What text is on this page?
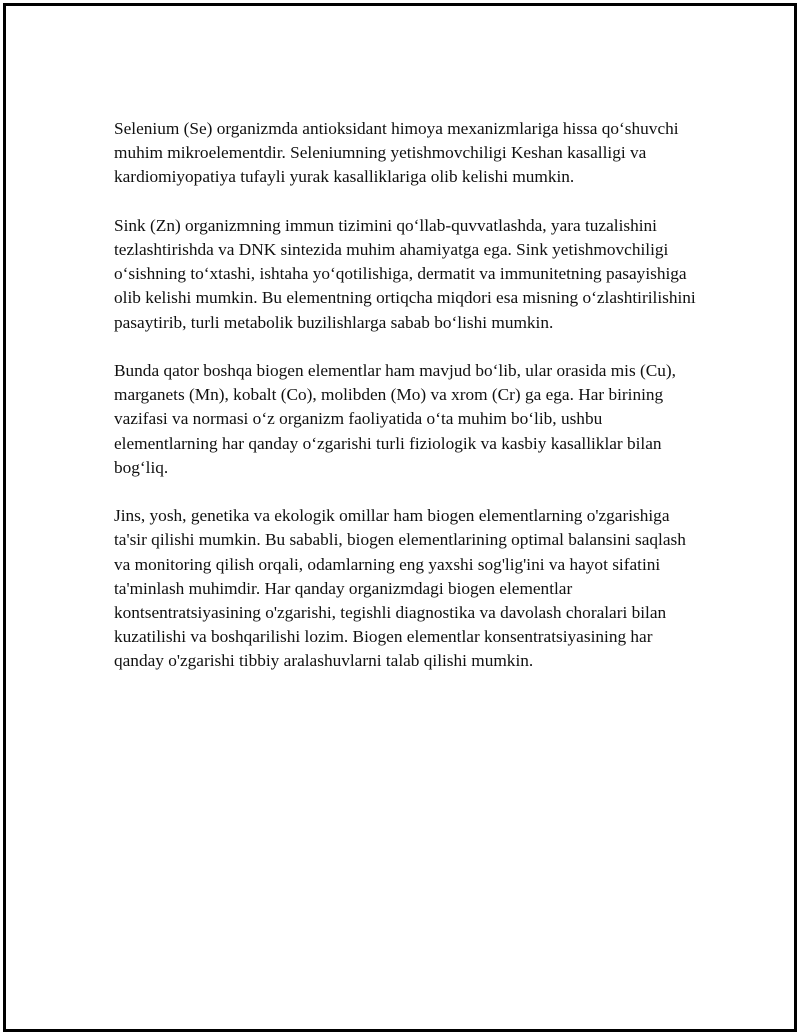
Selenium (Se) organizmda antioksidant himoya mexanizmlariga hissa qo‘shuvchi muhim mikroelementdir. Seleniumning yetishmovchiligi Keshan kasalligi va kardiomiyopatiya tufayli yurak kasalliklariga olib kelishi mumkin.

Sink (Zn) organizmning immun tizimini qo‘llab-quvvatlashda, yara tuzalishini tezlashtirishda va DNK sintezida muhim ahamiyatga ega. Sink yetishmovchiligi o‘sishning to‘xtashi, ishtaha yo‘qotilishiga, dermatit va immunitetning pasayishiga olib kelishi mumkin. Bu elementning ortiqcha miqdori esa misning o‘zlashtirilishini pasaytirib, turli metabolik buzilishlarga sabab bo‘lishi mumkin.

Bunda qator boshqa biogen elementlar ham mavjud bo‘lib, ular orasida mis (Cu), marganets (Mn), kobalt (Co), molibden (Mo) va xrom (Cr) ga ega. Har birining vazifasi va normasi o‘z organizm faoliyatida o‘ta muhim bo‘lib, ushbu elementlarning har qanday o‘zgarishi turli fiziologik va kasbiy kasalliklar bilan bog‘liq.

Jins, yosh, genetika va ekologik omillar ham biogen elementlarning o'zgarishiga ta'sir qilishi mumkin. Bu sababli, biogen elementlarining optimal balansini saqlash va monitoring qilish orqali, odamlarning eng yaxshi sog'lig'ini va hayot sifatini ta'minlash muhimdir. Har qanday organizmdagi biogen elementlar kontsentratsiyasining o'zgarishi, tegishli diagnostika va davolash choralari bilan kuzatilishi va boshqarilishi lozim. Biogen elementlar konsentratsiyasining har qanday o'zgarishi tibbiy aralashuvlarni talab qilishi mumkin.
